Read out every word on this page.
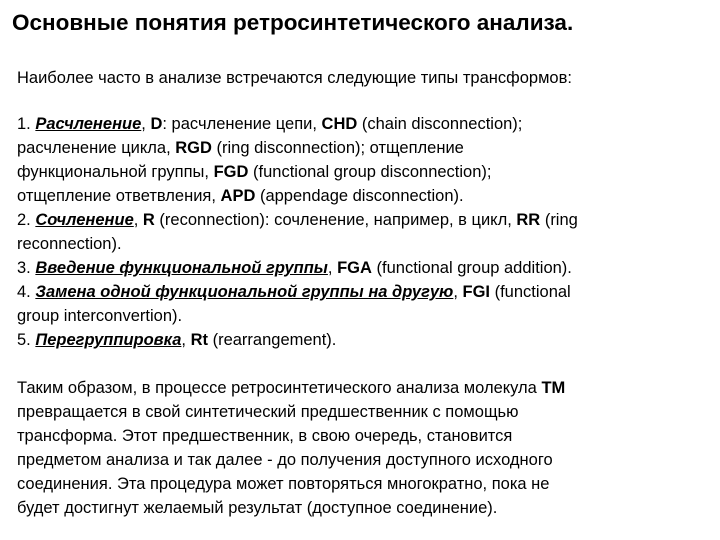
Основные понятия ретросинтетического анализа.
Наиболее часто в анализе встречаются следующие типы трансформов:
1. Расчленение, D: расчленение цепи, CHD (chain disconnection);
расчленение цикла, RGD (ring disconnection); отщепление
функциональной группы, FGD (functional group disconnection);
отщепление ответвления, APD (appendage disconnection).
2. Сочленение, R (reconnection): сочленение, например, в цикл, RR (ring
reconnection).
3. Введение функциональной группы, FGA (functional group addition).
4. Замена одной функциональной группы на другую, FGI (functional
group interconvertion).
5. Перегруппировка, Rt (rearrangement).
Таким образом, в процессе ретросинтетического анализа молекула ТМ
превращается в свой синтетический предшественник с помощью
трансформа. Этот предшественник, в свою очередь, становится
предметом анализа и так далее - до получения доступного исходного
соединения. Эта процедура может повторяться многократно, пока не
будет достигнут желаемый результат (доступное соединение).
